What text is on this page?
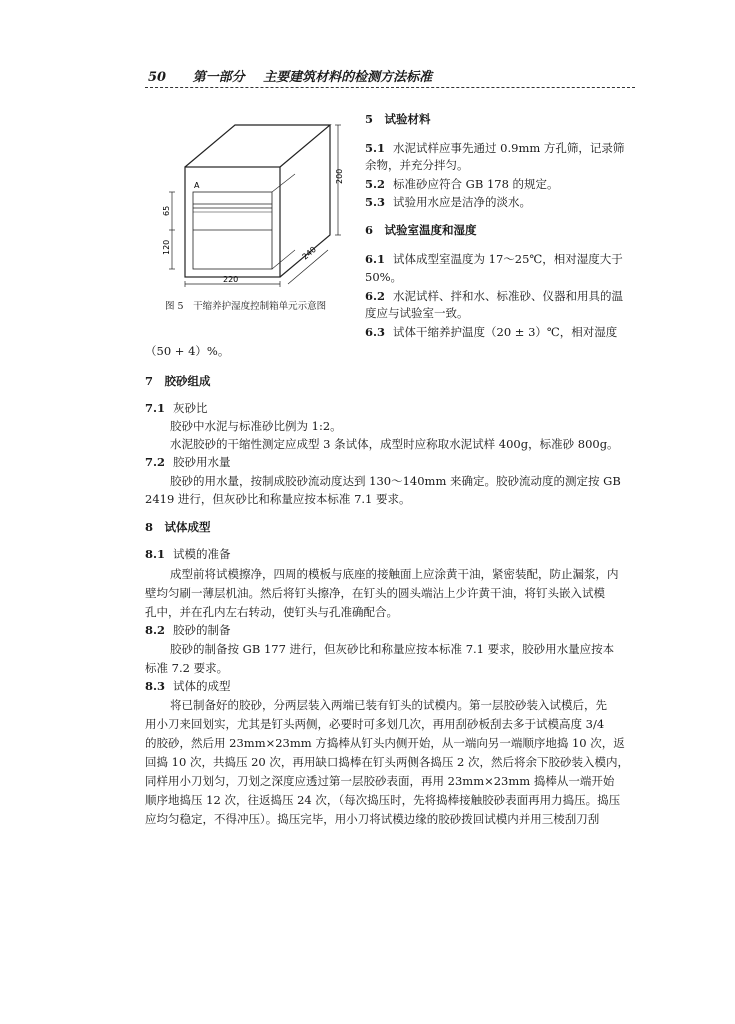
50 第一部分 主要建筑材料的检测方法标准
200
65
120
220
240
A
图 5　干缩养护湿度控制箱单元示意图
5　试验材料
5.1 水泥试样应事先通过 0.9mm 方孔筛，记录筛
余物，并充分拌匀。
5.2 标准砂应符合 GB 178 的规定。
5.3 试验用水应是洁净的淡水。
6　试验室温度和湿度
6.1 试体成型室温度为 17～25℃，相对湿度大于
50%。
6.2 水泥试样、拌和水、标准砂、仪器和用具的温
度应与试验室一致。
6.3 试体干缩养护温度（20 ± 3）℃，相对湿度
（50 + 4）%。
7　胶砂组成
7.1 灰砂比
胶砂中水泥与标准砂比例为 1:2。
水泥胶砂的干缩性测定应成型 3 条试体，成型时应称取水泥试样 400g，标准砂 800g。
7.2 胶砂用水量
胶砂的用水量，按制成胶砂流动度达到 130～140mm 来确定。胶砂流动度的测定按 GB
2419 进行，但灰砂比和称量应按本标准 7.1 要求。
8　试体成型
8.1 试模的准备
成型前将试模擦净，四周的模板与底座的接触面上应涂黄干油，紧密装配，防止漏浆，内
壁均匀刷一薄层机油。然后将钉头擦净，在钉头的圆头端沾上少许黄干油，将钉头嵌入试模
孔中，并在孔内左右转动，使钉头与孔准确配合。
8.2 胶砂的制备
胶砂的制备按 GB 177 进行，但灰砂比和称量应按本标准 7.1 要求，胶砂用水量应按本
标准 7.2 要求。
8.3 试体的成型
将已制备好的胶砂，分两层装入两端已装有钉头的试模内。第一层胶砂装入试模后，先
用小刀来回划实，尤其是钉头两侧，必要时可多划几次，再用刮砂板刮去多于试模高度 3/4
的胶砂，然后用 23mm×23mm 方捣棒从钉头内侧开始，从一端向另一端顺序地捣 10 次，返
回捣 10 次，共捣压 20 次，再用缺口捣棒在钉头两侧各捣压 2 次，然后将余下胶砂装入模内，
同样用小刀划匀，刀划之深度应透过第一层胶砂表面，再用 23mm×23mm 捣棒从一端开始
顺序地捣压 12 次，往返捣压 24 次，（每次捣压时，先将捣棒接触胶砂表面再用力捣压。捣压
应均匀稳定，不得冲压）。捣压完毕，用小刀将试模边缘的胶砂拨回试模内并用三棱刮刀刮
